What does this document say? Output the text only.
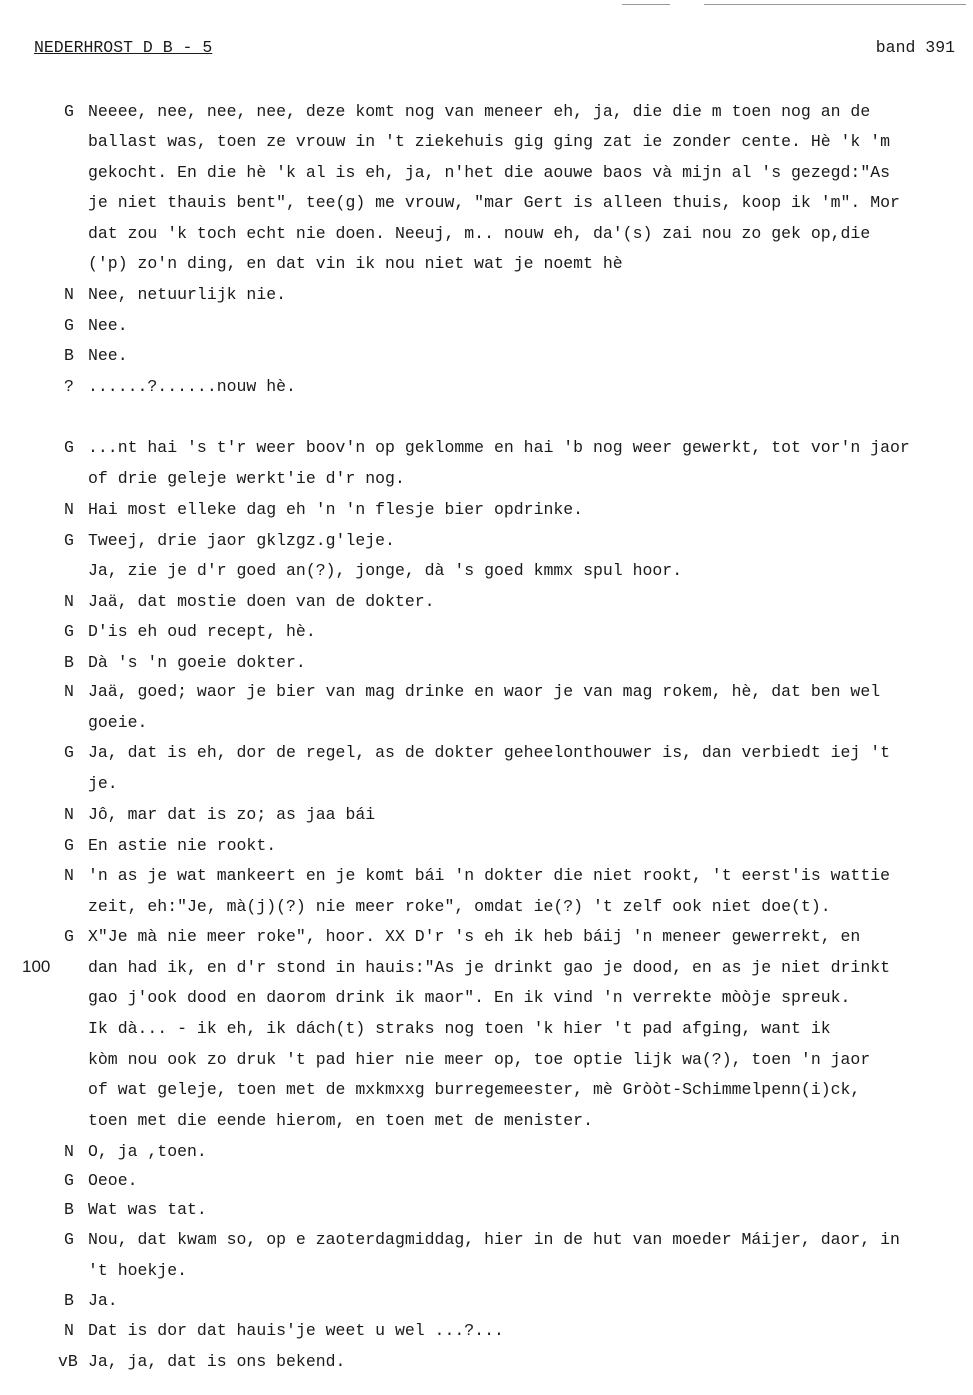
NEDERHROST D B - 5	band 391
100
G Neeee, nee, nee, nee, deze komt nog van meneer eh, ja, die die m toen nog an de
ballast was, toen ze vrouw in 't ziekehuis gig ging zat ie zonder cente. Hè 'k 'm
gekocht. En die hè 'k al is eh, ja, n'het die aouwe baos và mijn al 's gezegd:"As
je niet thauis bent", tee(g) me vrouw, "mar Gert is alleen thuis, koop ik 'm". Mor
dat zou 'k toch echt nie doen. Neeuj, m.. nouw eh, da'(s) zai nou zo gek op,die
('p) zo'n ding, en dat vin ik nou niet wat je noemt hè
N Nee, netuurlijk nie.
G Nee.
B Nee.
? ......?......nouw hè.
G ...nt hai 's t'r weer boov'n op geklomme en hai 'b nog weer gewerkt, tot vor'n jaor
of drie geleje werkt'ie d'r nog.
N Hai most elleke dag eh 'n 'n flesje bier opdrinke.
G Tweej, drie jaor gklzgz.g'leje.
Ja, zie je d'r goed an(?), jonge, dà 's goed kmmx spul hoor.
N Jaä, dat mostie doen van de dokter.
G D'is eh oud recept, hè.
B Dà 's 'n goeie dokter.
N Jaä, goed; waor je bier van mag drinke en waor je van mag rokem, hè, dat ben wel
goeie.
G Ja, dat is eh, dor de regel, as de dokter geheelonthouwer is, dan verbiedt iej 't
je.
N Jô, mar dat is zo; as jaa bái
G En astie nie rookt.
N 'n as je wat mankeert en je komt bái 'n dokter die niet rookt, 't eerst'is wattie
zeit, eh:"Je, mà(j)(?) nie meer roke", omdat ie(?) 't zelf ook niet doe(t).
G X"Je mà nie meer roke", hoor. XX D'r 's eh ik heb báij 'n meneer gewerrekt, en
dan had ik, en d'r stond in hauis:"As je drinkt gao je dood, en as je niet drinkt
gao j'ook dood en daorom drink ik maor". En ik vind 'n verrekte mòòje spreuk.
Ik dà... - ik eh, ik dách(t) straks nog toen 'k hier 't pad afging, want ik
kòm nou ook zo druk 't pad hier nie meer op, toe optie lijk wa(?), toen 'n jaor
of wat geleje, toen met de mxkmxxg burregemeester, mè Gròòt-Schimmelpenn(i)ck,
toen met die eende hierom, en toen met de menister.
N O, ja ,toen.
G Oeoe.
B Wat was tat.
G Nou, dat kwam so, op e zaoterdagmiddag, hier in de hut van moeder Máijer, daor, in
't hoekje.
B Ja.
N Dat is dor dat hauis'je weet u wel ...?...
vB Ja, ja, dat is ons bekend.
